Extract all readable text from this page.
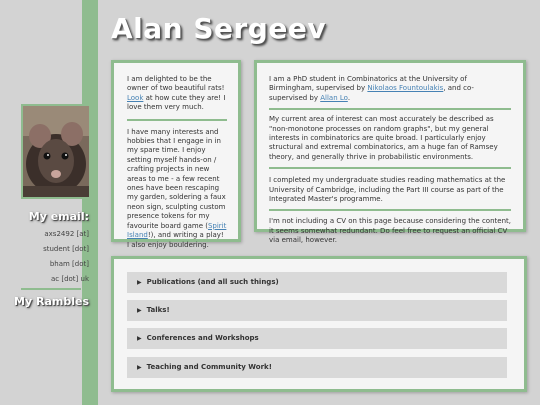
Alan Sergeev
My email:
axs2492 [at]
student [dot]
bham [dot]
ac [dot] uk
My Rambles

I am delighted to be the owner of two beautiful rats! Look at how cute they are! I love them very much.

I have many interests and hobbies that I engage in in my spare time. I enjoy setting myself hands-on / crafting projects in new areas to me - a few recent ones have been rescaping my garden, soldering a faux neon sign, sculpting custom presence tokens for my favourite board game (Spirit Island!), and writing a play! I also enjoy bouldering.

I am a PhD student in Combinatorics at the University of Birmingham, supervised by Nikolaos Fountoulakis, and co-supervised by Allan Lo.

My current area of interest can most accurately be described as "non-monotone processes on random graphs", but my general interests in combinatorics are quite broad. I particularly enjoy structural and extremal combinatorics, am a huge fan of Ramsey theory, and generally thrive in probabilistic environments.

I completed my undergraduate studies reading mathematics at the University of Cambridge, including the Part III course as part of the Integrated Master's programme.

I'm not including a CV on this page because considering the content, it seems somewhat redundant. Do feel free to request an official CV via email, however.

▶ Publications (and all such things)
▶ Talks!
▶ Conferences and Workshops
▶ Teaching and Community Work!
